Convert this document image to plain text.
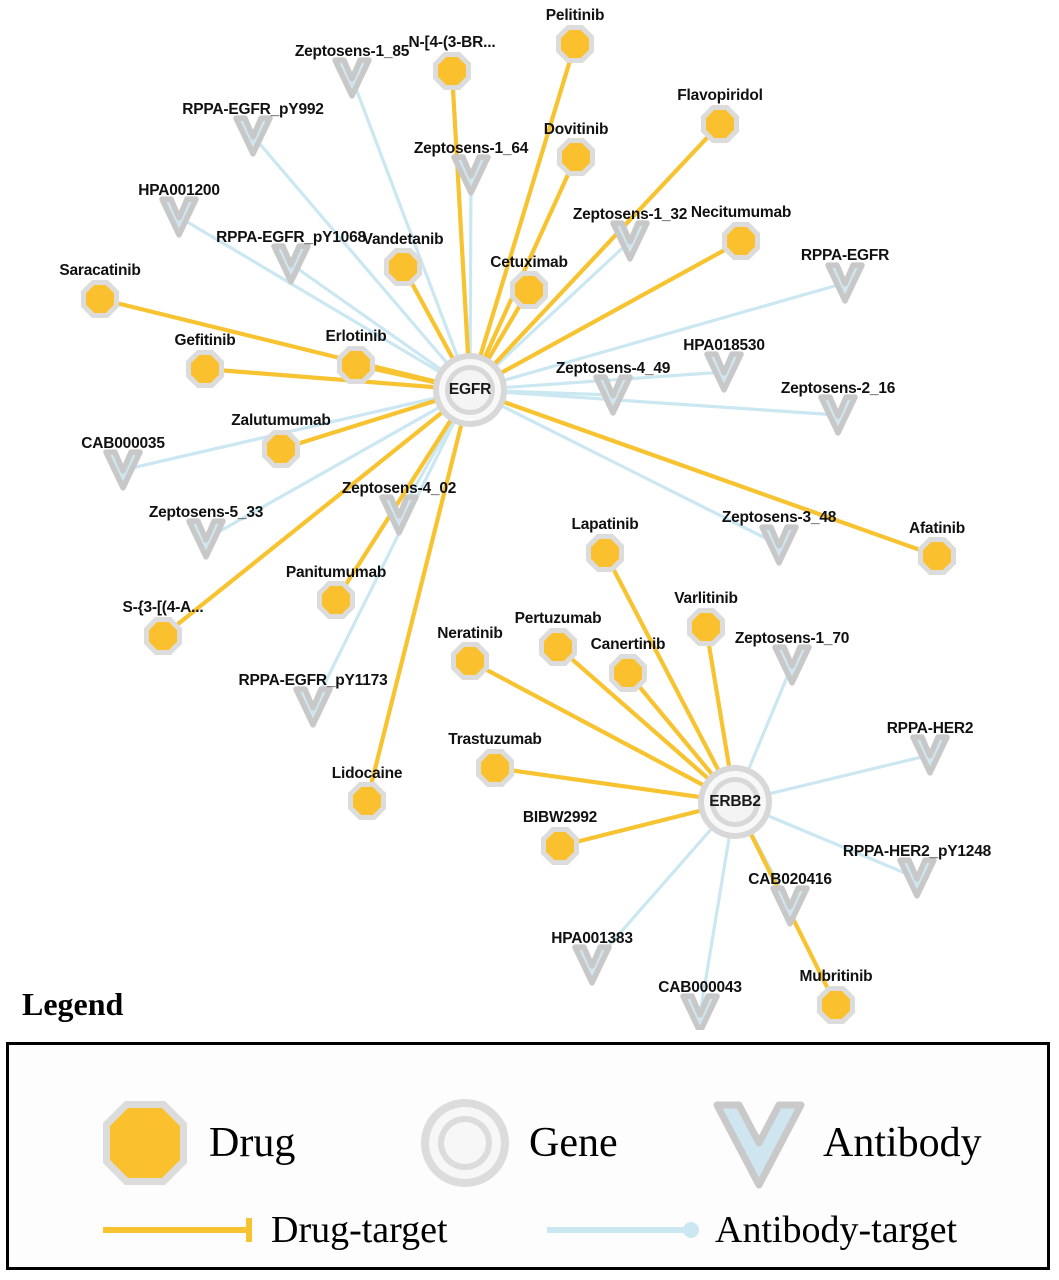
Zeptosens-1_85
RPPA-EGFR_pY992
Zeptosens-1_64
HPA001200
Zeptosens-1_32
RPPA-EGFR_pY1068
RPPA-EGFR
HPA018530
Zeptosens-4_49
Zeptosens-2_16
CAB000035
Zeptosens-4_02
Zeptosens-5_33	Zeptosens-3_48
Zeptosens-1_70
RPPA-EGFR_pY1173
RPPA-HER2
RPPA-HER2_pY1248
CAB020416
HPA001383
CAB000043
Pelitinib
N-[4-(3-BR...
Flavopiridol
Dovitinib
Necitumumab
Vandetanib
Cetuximab
Saracatinib
Erlotinib
Gefitinib
Zalutumumab
Afatinib
Lapatinib
Panitumumab
Varlitinib
S-{3-[(4-A...
Pertuzumab
Neratinib
Canertinib
Trastuzumab
Lidocaine
BIBW2992
Mubritinib
EGFR
ERBB2
Legend
Drug	Gene	Antibody
Drug-target	Antibody-target
